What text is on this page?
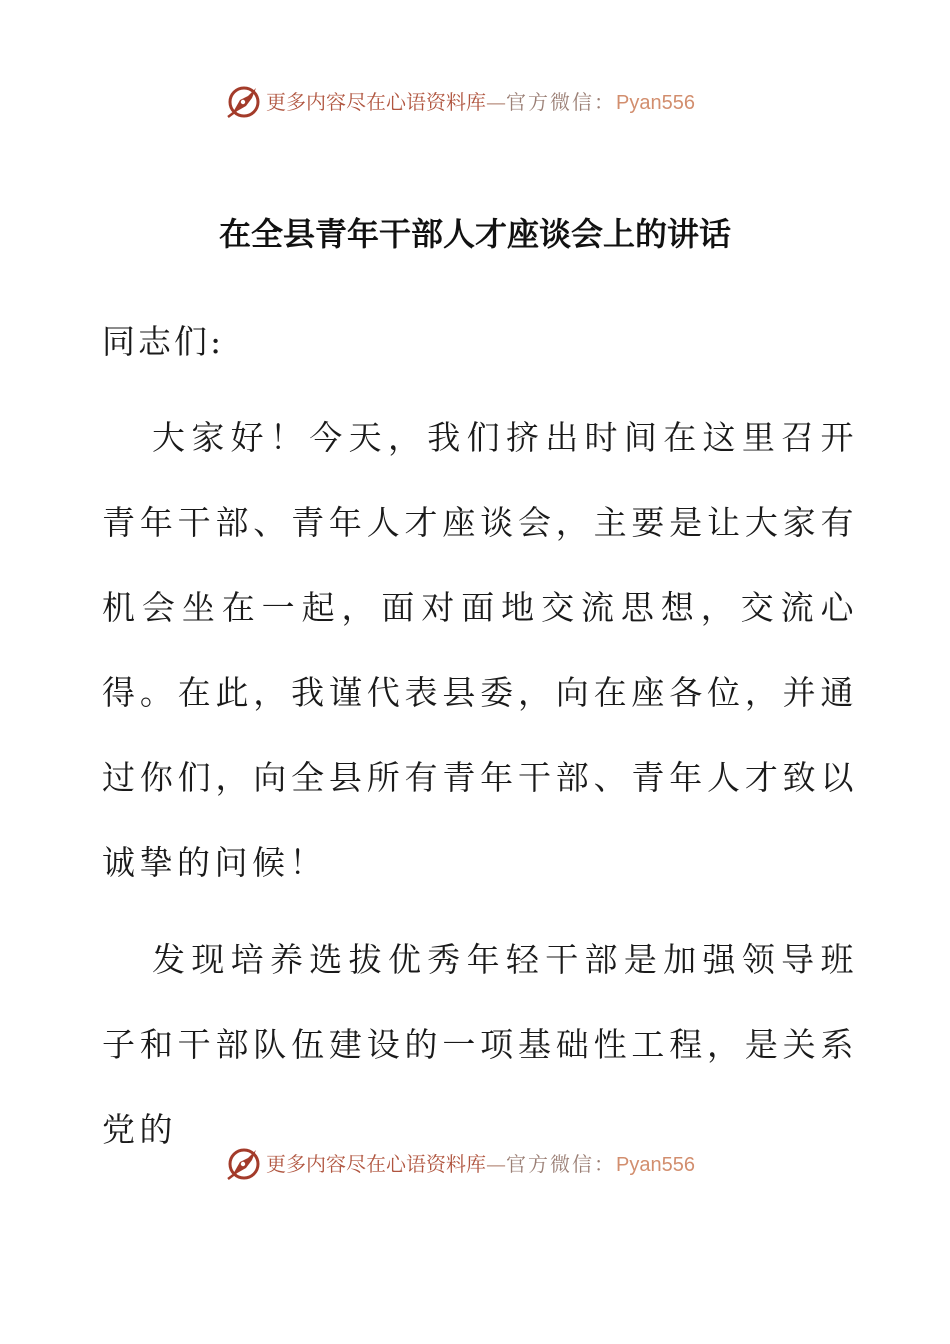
更多内容尽在心语资料库—官方微信：Pyan556
在全县青年干部人才座谈会上的讲话
同志们:

大家好！今天，我们挤出时间在这里召开青年干部、青年人才座谈会，主要是让大家有机会坐在一起，面对面地交流思想，交流心得。在此，我谨代表县委，向在座各位，并通过你们，向全县所有青年干部、青年人才致以诚挚的问候！

发现培养选拔优秀年轻干部是加强领导班子和干部队伍建设的一项基础性工程，是关系党的

更多内容尽在心语资料库—官方微信：Pyan556
